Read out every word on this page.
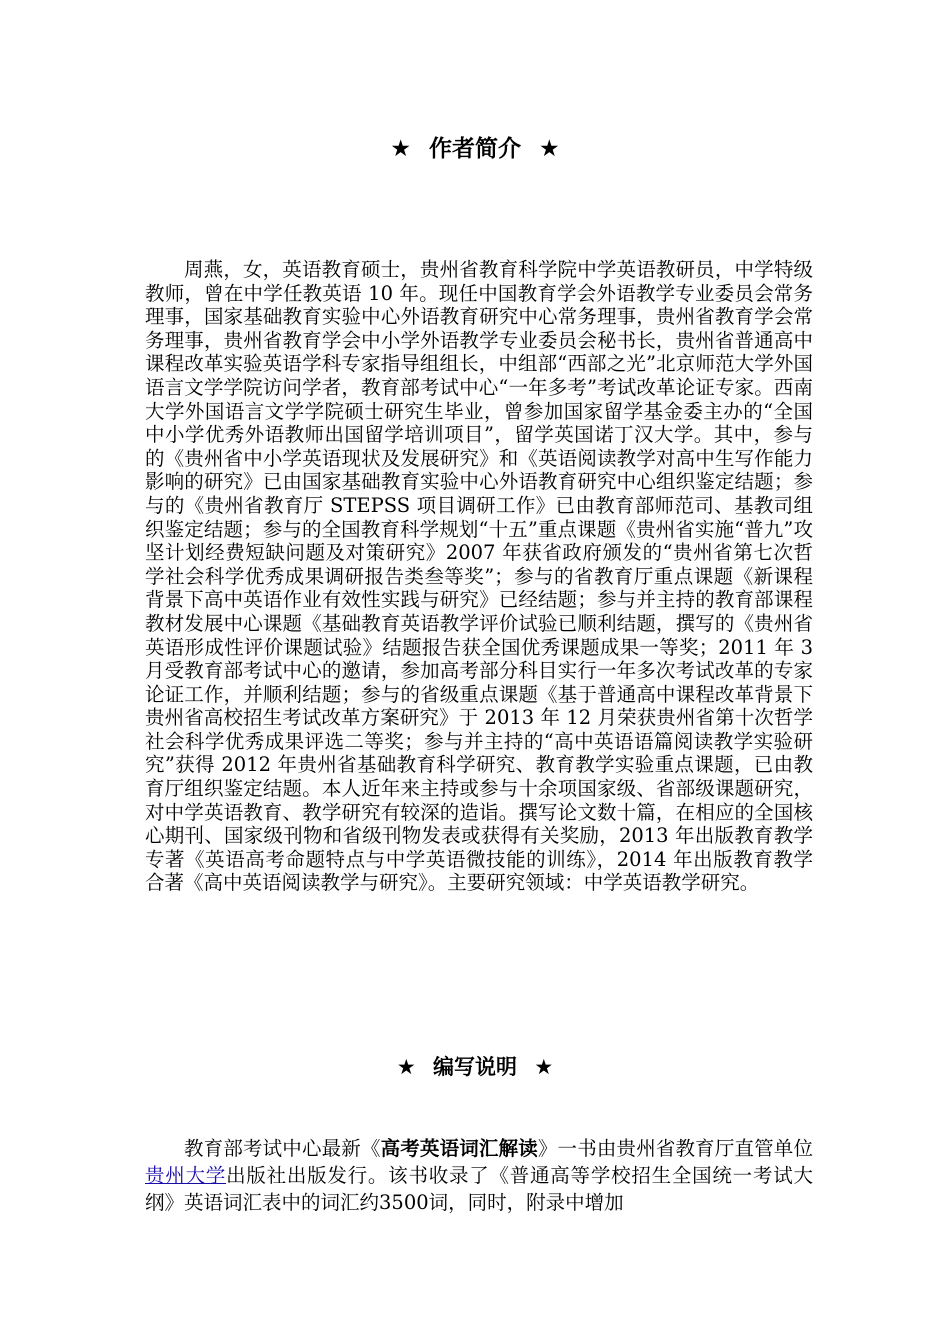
★ 作者简介 ★

周燕，女，英语教育硕士，贵州省教育科学院中学英语教研员，中学特级教师，曾在中学任教英语 10 年。现任中国教育学会外语教学专业委员会常务理事，国家基础教育实验中心外语教育研究中心常务理事，贵州省教育学会常务理事，贵州省教育学会中小学外语教学专业委员会秘书长，贵州省普通高中课程改革实验英语学科专家指导组组长，中组部“西部之光”北京师范大学外国语言文学学院访问学者，教育部考试中心“一年多考”考试改革论证专家。西南大学外国语言文学学院硕士研究生毕业，曾参加国家留学基金委主办的“全国中小学优秀外语教师出国留学培训项目”，留学英国诺丁汉大学。其中，参与的《贵州省中小学英语现状及发展研究》和《英语阅读教学对高中生写作能力影响的研究》已由国家基础教育实验中心外语教育研究中心组织鉴定结题；参与的《贵州省教育厅 STEPSS 项目调研工作》已由教育部师范司、基教司组织鉴定结题；参与的全国教育科学规划“十五”重点课题《贵州省实施“普九”攻坚计划经费短缺问题及对策研究》2007 年获省政府颁发的“贵州省第七次哲学社会科学优秀成果调研报告类叁等奖”；参与的省教育厅重点课题《新课程背景下高中英语作业有效性实践与研究》已经结题；参与并主持的教育部课程教材发展中心课题《基础教育英语教学评价试验已顺利结题，撰写的《贵州省英语形成性评价课题试验》结题报告获全国优秀课题成果一等奖；2011 年 3 月受教育部考试中心的邀请，参加高考部分科目实行一年多次考试改革的专家论证工作，并顺利结题；参与的省级重点课题《基于普通高中课程改革背景下贵州省高校招生考试改革方案研究》于 2013 年 12 月荣获贵州省第十次哲学社会科学优秀成果评选二等奖；参与并主持的“高中英语语篇阅读教学实验研究”获得 2012 年贵州省基础教育科学研究、教育教学实验重点课题，已由教育厅组织鉴定结题。本人近年来主持或参与十余项国家级、省部级课题研究，对中学英语教育、教学研究有较深的造诣。撰写论文数十篇，在相应的全国核心期刊、国家级刊物和省级刊物发表或获得有关奖励，2013 年出版教育教学专著《英语高考命题特点与中学英语微技能的训练》，2014 年出版教育教学合著《高中英语阅读教学与研究》。主要研究领域：中学英语教学研究。

★ 编写说明 ★

教育部考试中心最新《高考英语词汇解读》一书由贵州省教育厅直管单位贵州大学出版社出版发行。该书收录了《普通高等学校招生全国统一考试大纲》英语词汇表中的词汇约3500词，同时，附录中增加
